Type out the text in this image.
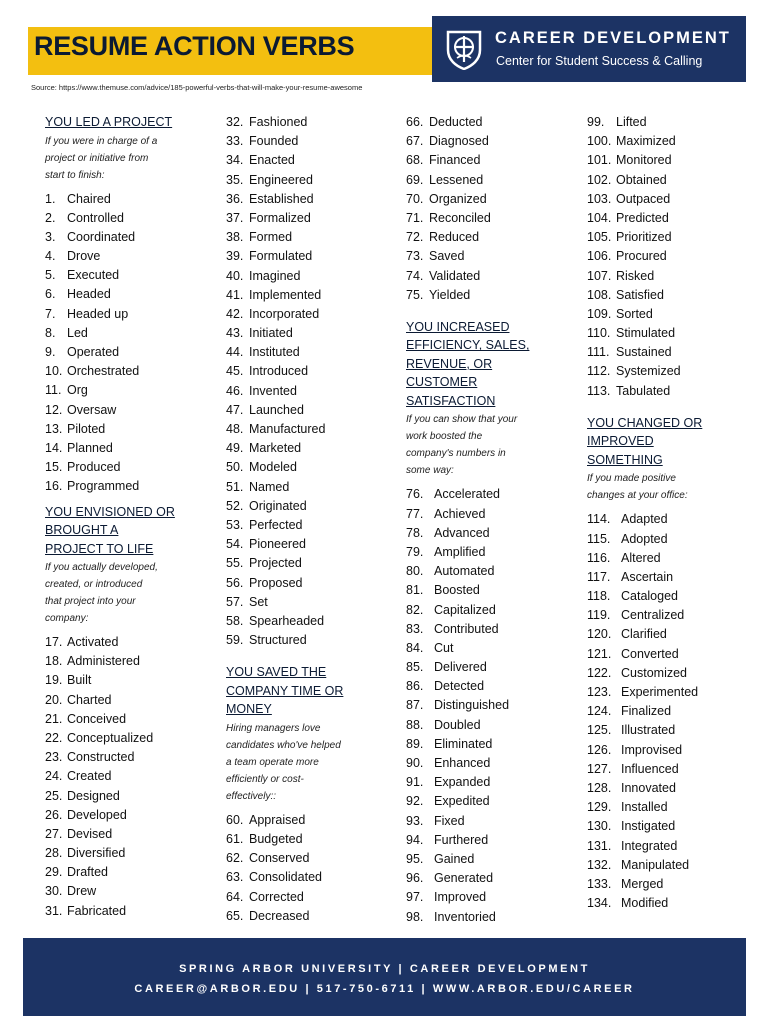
RESUME ACTION VERBS	CAREER DEVELOPMENT
Center for Student Success & Calling
Source: https://www.themuse.com/advice/185-powerful-verbs-that-will-make-your-resume-awesome
YOU LED A PROJECT
If you were in charge of a
project or initiative from
start to finish:
1. Chaired
2. Controlled
3. Coordinated
4. Drove
5. Executed
6. Headed
7. Headed up
8. Led
9. Operated
10. Orchestrated
11. Org
12. Oversaw
13. Piloted
14. Planned
15. Produced
16. Programmed
YOU ENVISIONED OR
BROUGHT A
PROJECT TO LIFE
If you actually developed,
created, or introduced
that project into your
company:
17. Activated
18. Administered
19. Built
20. Charted
21. Conceived
22. Conceptualized
23. Constructed
24. Created
25. Designed
26. Developed
27. Devised
28. Diversified
29. Drafted
30. Drew
31. Fabricated
32. Fashioned
33. Founded
34. Enacted
35. Engineered
36. Established
37. Formalized
38. Formed
39. Formulated
40. Imagined
41. Implemented
42. Incorporated
43. Initiated
44. Instituted
45. Introduced
46. Invented
47. Launched
48. Manufactured
49. Marketed
50. Modeled
51. Named
52. Originated
53. Perfected
54. Pioneered
55. Projected
56. Proposed
57. Set
58. Spearheaded
59. Structured
YOU SAVED THE
COMPANY TIME OR
MONEY
Hiring managers love
candidates who've helped
a team operate more
efficiently or cost-
effectively::
60. Appraised
61. Budgeted
62. Conserved
63. Consolidated
64. Corrected
65. Decreased
66. Deducted
67. Diagnosed
68. Financed
69. Lessened
70. Organized
71. Reconciled
72. Reduced
73. Saved
74. Validated
75. Yielded
YOU INCREASED
EFFICIENCY, SALES,
REVENUE, OR
CUSTOMER
SATISFACTION
If you can show that your
work boosted the
company's numbers in
some way:
76. Accelerated
77. Achieved
78. Advanced
79. Amplified
80. Automated
81. Boosted
82. Capitalized
83. Contributed
84. Cut
85. Delivered
86. Detected
87. Distinguished
88. Doubled
89. Eliminated
90. Enhanced
91. Expanded
92. Expedited
93. Fixed
94. Furthered
95. Gained
96. Generated
97. Improved
98. Inventoried
99. Lifted
100. Maximized
101. Monitored
102. Obtained
103. Outpaced
104. Predicted
105. Prioritized
106. Procured
107. Risked
108. Satisfied
109. Sorted
110. Stimulated
111. Sustained
112. Systemized
113. Tabulated
YOU CHANGED OR
IMPROVED
SOMETHING
If you made positive
changes at your office:
114. Adapted
115. Adopted
116. Altered
117. Ascertain
118. Cataloged
119. Centralized
120. Clarified
121. Converted
122. Customized
123. Experimented
124. Finalized
125. Illustrated
126. Improvised
127. Influenced
128. Innovated
129. Installed
130. Instigated
131. Integrated
132. Manipulated
133. Merged
134. Modified
SPRING ARBOR UNIVERSITY | CAREER DEVELOPMENT
CAREER@ARBOR.EDU | 517-750-6711 | WWW.ARBOR.EDU/CAREER
